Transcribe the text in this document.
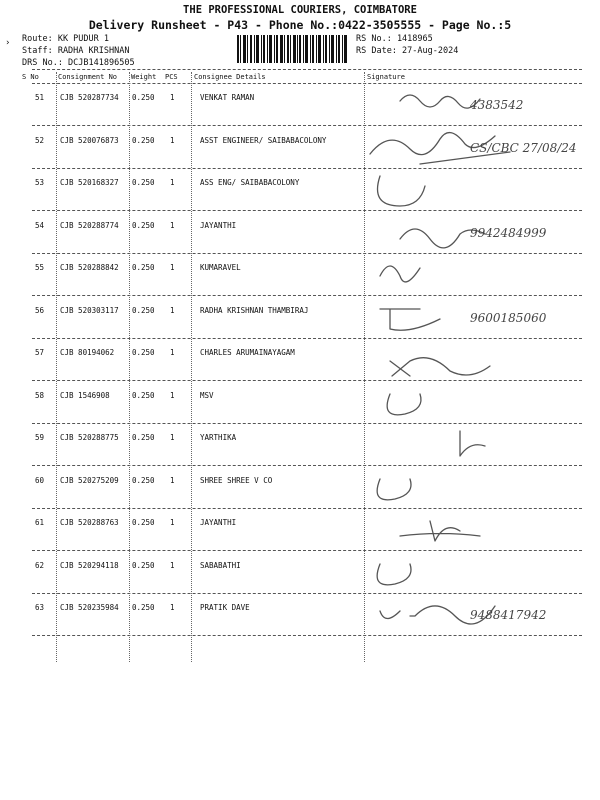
THE PROFESSIONAL COURIERS, COIMBATORE
Delivery Runsheet - P43 - Phone No.:0422-3505555 - Page No.:5
› Route: KK PUDUR 1
Staff: RADHA KRISHNAN
DRS No.: DCJB141896505
RS No.: 1418965
RS Date: 27-Aug-2024
S No	Consignment No Weight PCS Consignee Details	Signature
51 CJB 520287734 0.250 1	VENKAT RAMAN
4383542
52 CJB 520076873 0.250 1	ASST ENGINEER/ SAIBABACOLONY
CS/CBC 27/08/24
53 CJB 520168327 0.250 1	ASS ENG/ SAIBABACOLONY
54 CJB 520288774 0.250 1	JAYANTHI
9942484999
55 CJB 520288842 0.250 1	KUMARAVEL
56 CJB 520303117 0.250 1	RADHA KRISHNAN THAMBIRAJ
9600185060
57 CJB 80194062 0.250 1	CHARLES ARUMAINAYAGAM
58 CJB 1546908	0.250 1	MSV
59 CJB 520288775 0.250 1	YARTHIKA
60 CJB 520275209 0.250 1	SHREE SHREE V CO
61 CJB 520288763 0.250 1	JAYANTHI
62 CJB 520294118 0.250 1	SABABATHI
63 CJB 520235984 0.250 1	PRATIK DAVE
9488417942
